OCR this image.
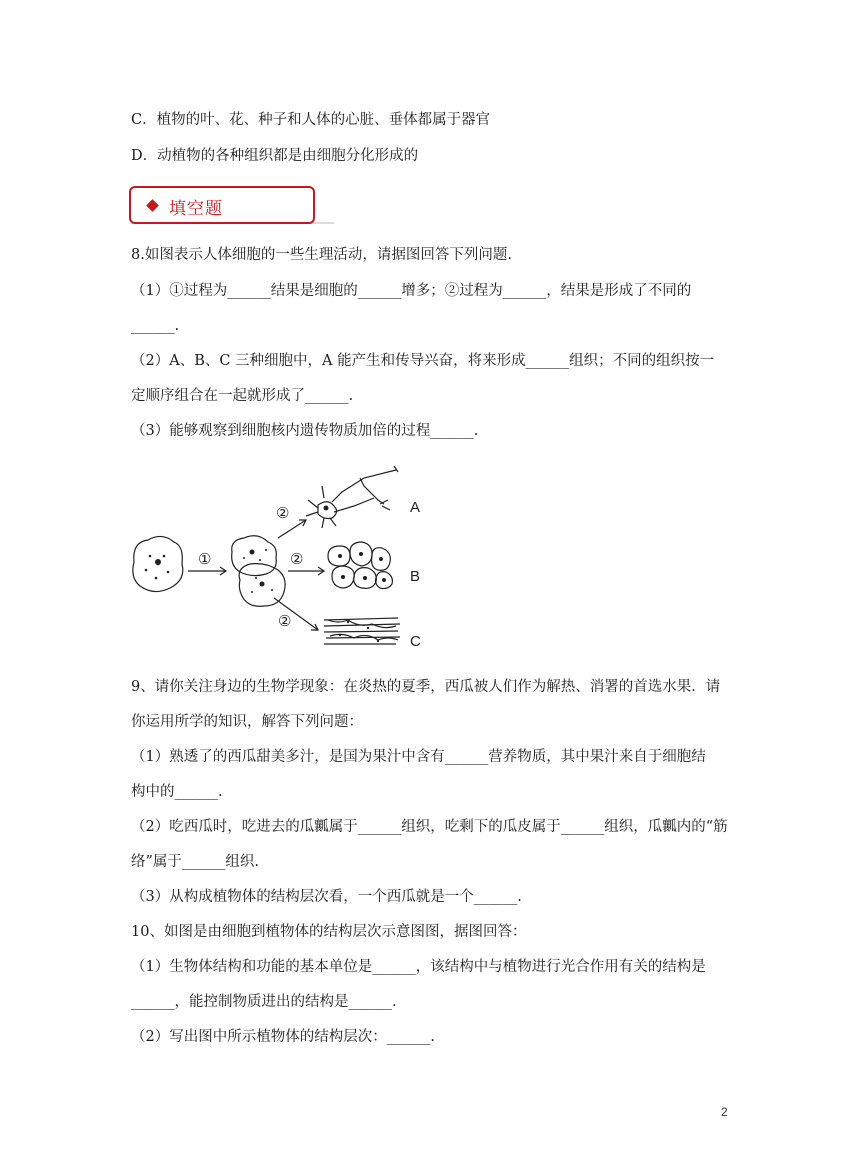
C．植物的叶、花、种子和人体的心脏、垂体都属于器官
D．动植物的各种组织都是由细胞分化形成的
填空题
8.如图表示人体细胞的一些生理活动，请据图回答下列问题.
（1）①过程为______结果是细胞的______增多；②过程为______，结果是形成了不同的
______.
（2）A、B、C 三种细胞中，A 能产生和传导兴奋，将来形成______组织；不同的组织按一
定顺序组合在一起就形成了______.
（3）能够观察到细胞核内遗传物质加倍的过程______.
①
②
②
②
A
B
C
9、请你关注身边的生物学现象：在炎热的夏季，西瓜被人们作为解热、消署的首选水果．请
你运用所学的知识，解答下列问题：
（1）熟透了的西瓜甜美多汁，是国为果汁中含有______营养物质，其中果汁来自于细胞结
构中的______.
（2）吃西瓜时，吃进去的瓜瓤属于______组织，吃剩下的瓜皮属于______组织，瓜瓤内的“筋
络”属于______组织.
（3）从构成植物体的结构层次看，一个西瓜就是一个______.
10、如图是由细胞到植物体的结构层次示意图图，据图回答：
（1）生物体结构和功能的基本单位是______，该结构中与植物进行光合作用有关的结构是
______，能控制物质进出的结构是______.
（2）写出图中所示植物体的结构层次：______.
2
